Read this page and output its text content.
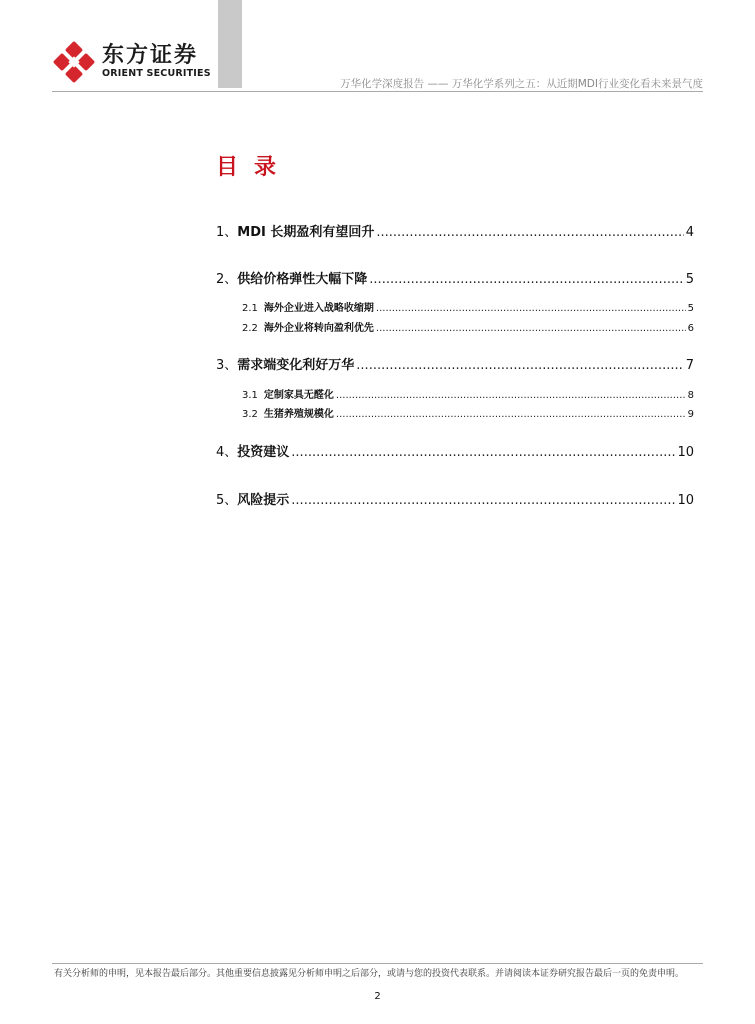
东方证券
ORIENT SECURITIES
万华化学深度报告 —— 万华化学系列之五：从近期MDI行业变化看未来景气度
目录
1、 MDI 长期盈利有望回升 .....	4
2、 供给价格弹性大幅下降 .....	5
2.1 海外企业进入战略收缩期 .....	5
2.2 海外企业将转向盈利优先 .....	6
3、 需求端变化利好万华 .....	7
3.1 定制家具无醛化 .....	8
3.2 生猪养殖规模化 .....	9
4、 投资建议 .....	10
5、 风险提示 .....	10
有关分析师的申明，见本报告最后部分。其他重要信息披露见分析师申明之后部分，或请与您的投资代表联系。并请阅读本证券研究报告最后一页的免责申明。
2
